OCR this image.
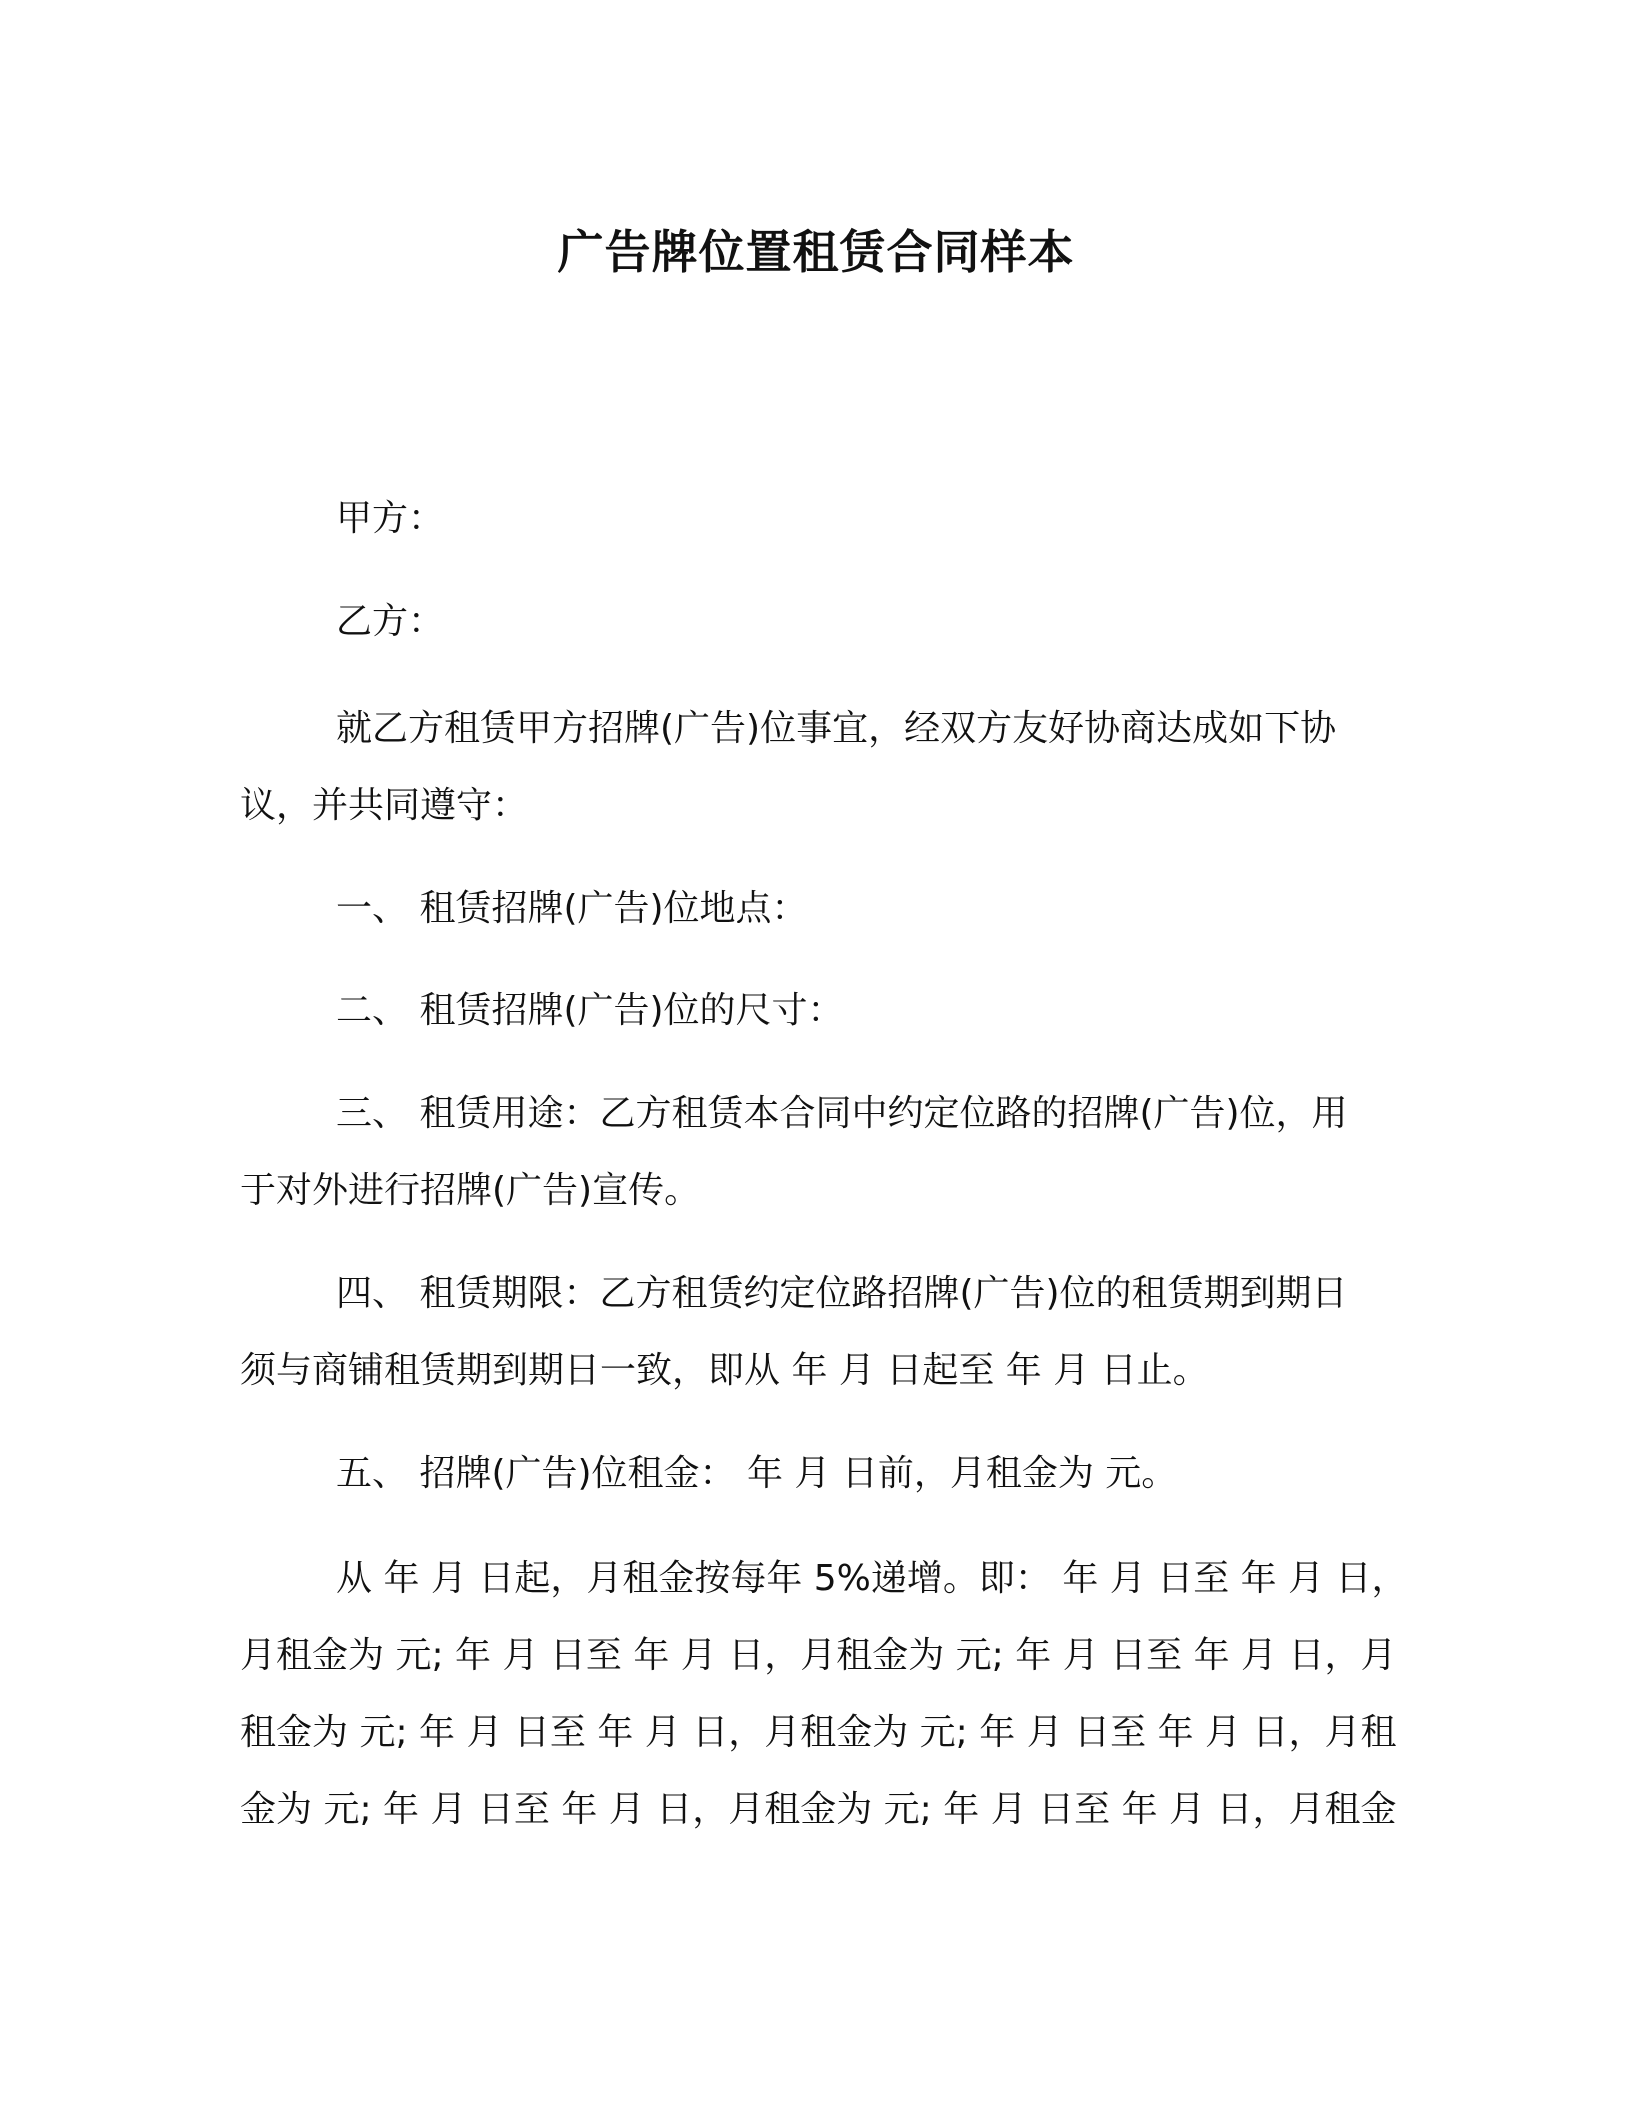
广告牌位置租赁合同样本

甲方：

乙方：

就乙方租赁甲方招牌(广告)位事宜，经双方友好协商达成如下协
议，并共同遵守：

一、 租赁招牌(广告)位地点：

二、 租赁招牌(广告)位的尺寸：

三、 租赁用途：乙方租赁本合同中约定位路的招牌(广告)位，用
于对外进行招牌(广告)宣传。

四、 租赁期限：乙方租赁约定位路招牌(广告)位的租赁期到期日
须与商铺租赁期到期日一致，即从 年 月 日起至 年 月 日止。

五、 招牌(广告)位租金： 年 月 日前，月租金为 元。

从 年 月 日起，月租金按每年 5%递增。即： 年 月 日至 年 月 日，
月租金为 元; 年 月 日至 年 月 日，月租金为 元; 年 月 日至 年 月 日，月
租金为 元; 年 月 日至 年 月 日，月租金为 元; 年 月 日至 年 月 日，月租
金为 元; 年 月 日至 年 月 日，月租金为 元; 年 月 日至 年 月 日，月租金
